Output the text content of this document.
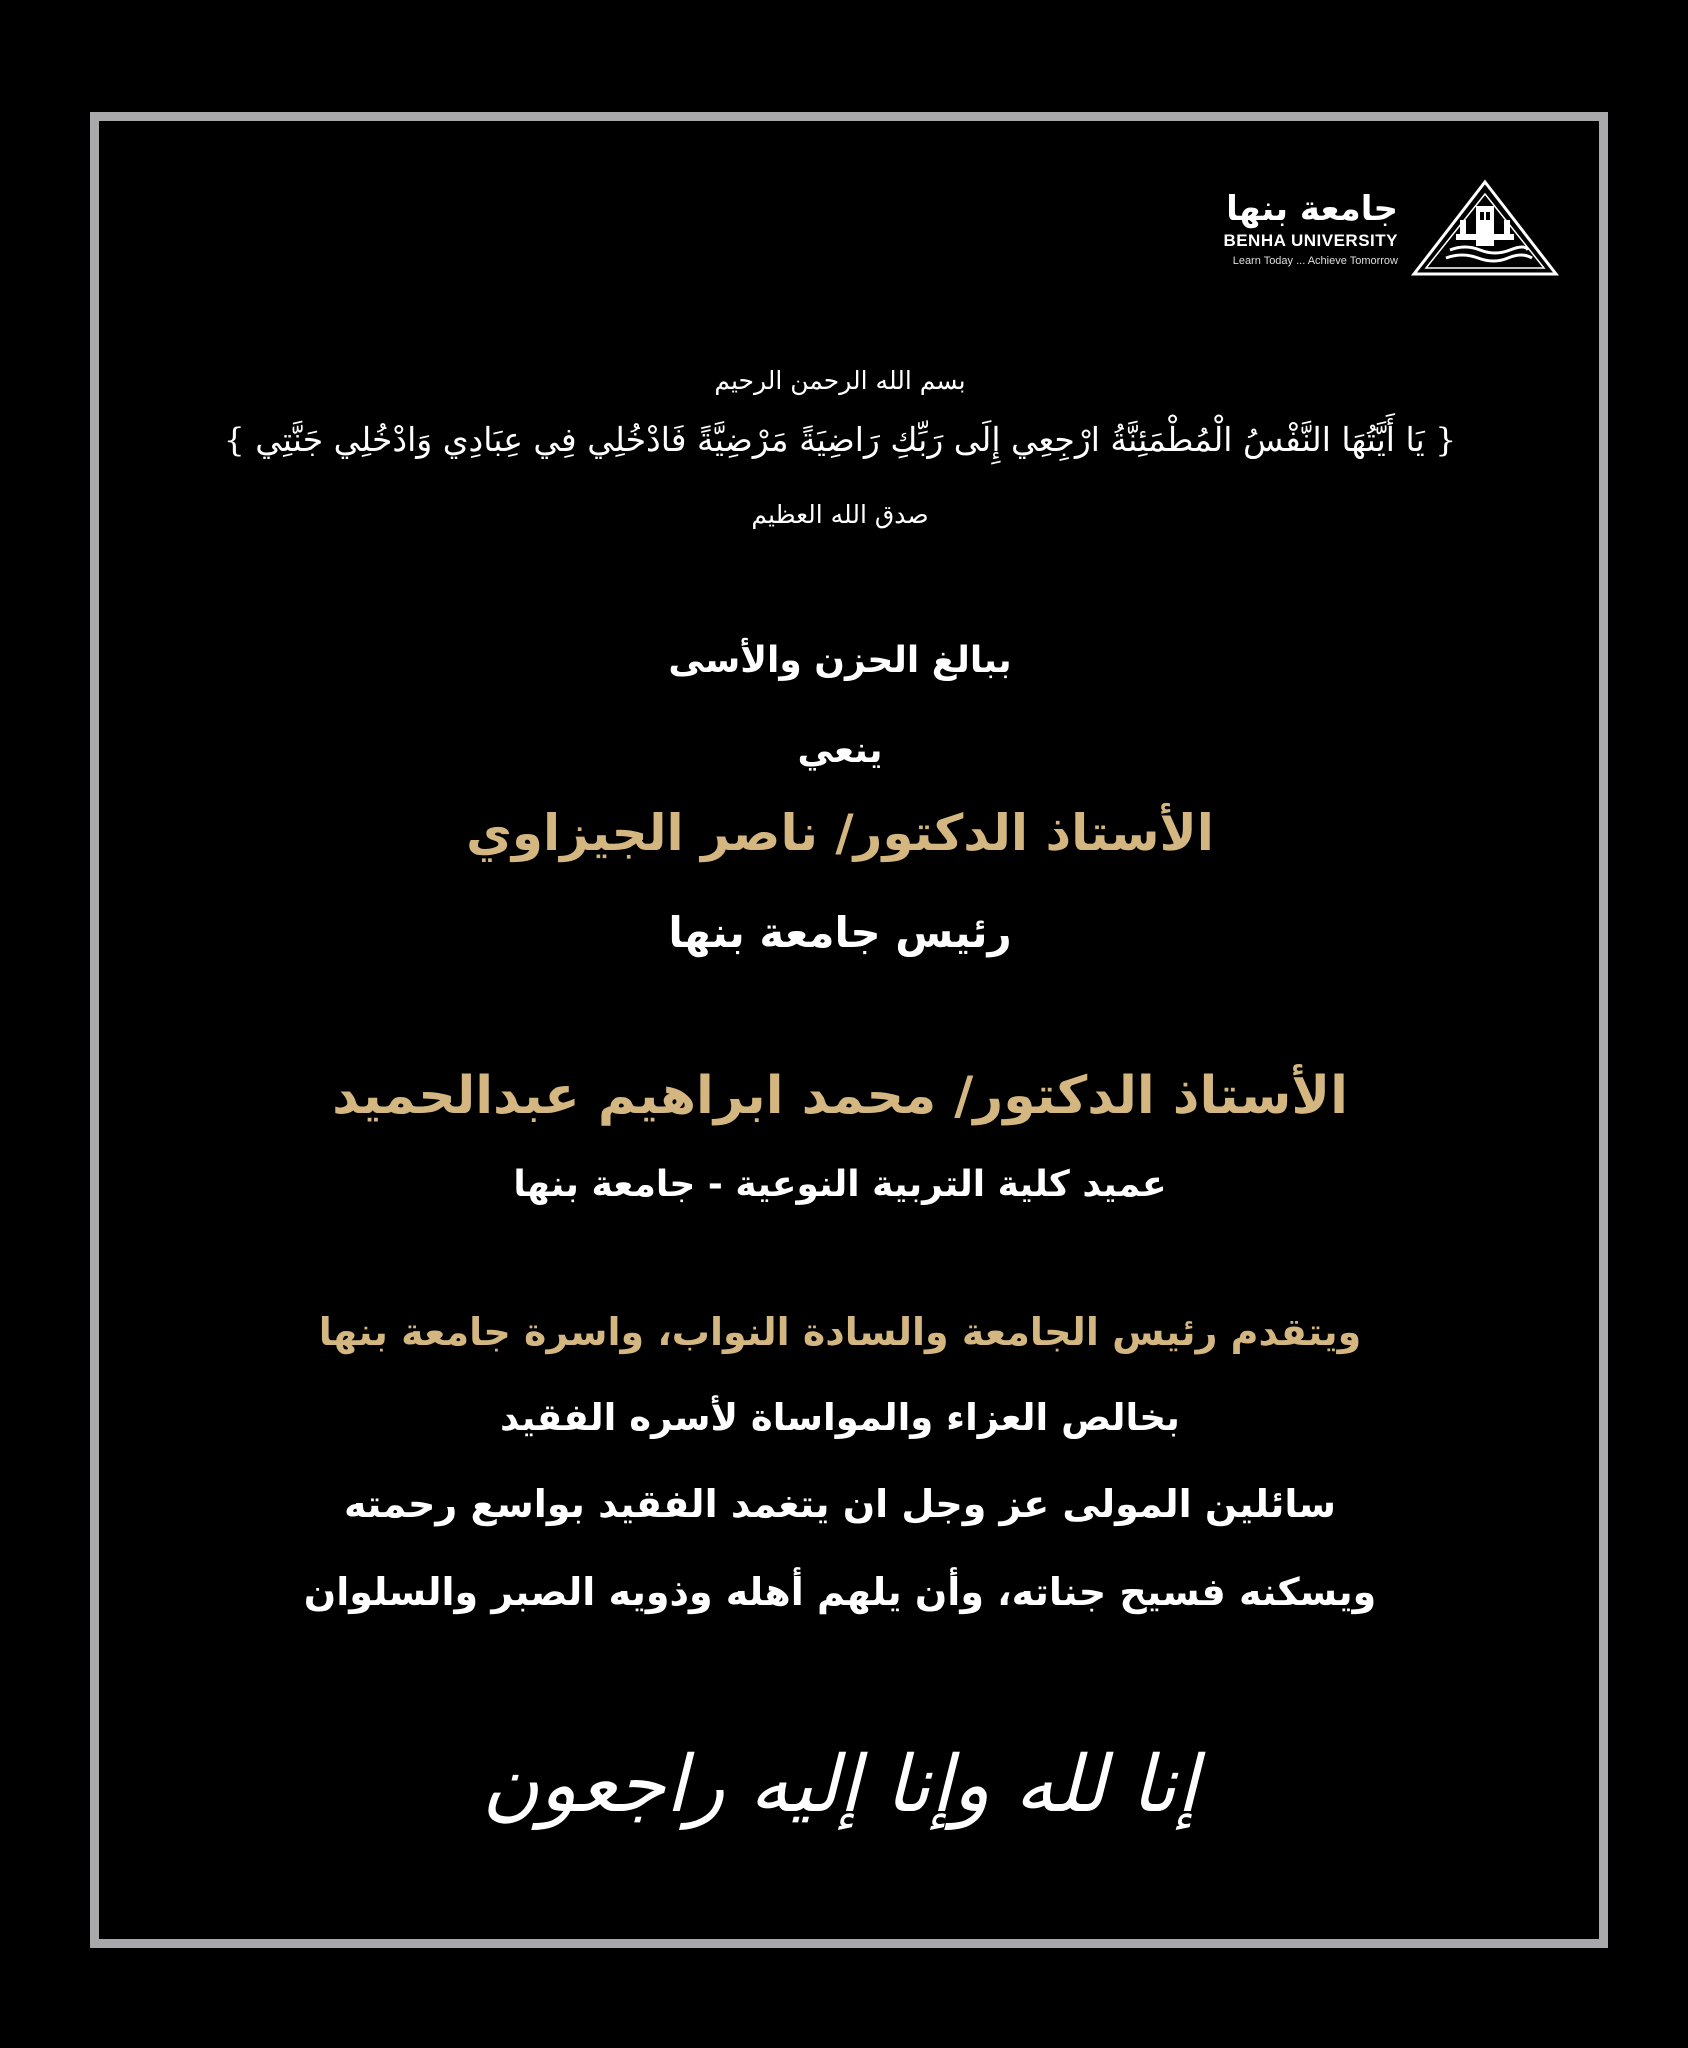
جامعة بنها
BENHA UNIVERSITY
Learn Today ... Achieve Tomorrow
بسم الله الرحمن الرحيم
{ يَا أَيَّتُهَا النَّفْسُ الْمُطْمَئِنَّةُ ارْجِعِي إِلَى رَبِّكِ رَاضِيَةً مَرْضِيَّةً فَادْخُلِي فِي عِبَادِي وَادْخُلِي جَنَّتِي }
صدق الله العظيم
ببالغ الحزن والأسى
ينعي
الأستاذ الدكتور/ ناصر الجيزاوي
رئيس جامعة بنها
الأستاذ الدكتور/ محمد ابراهيم عبدالحميد
عميد كلية التربية النوعية - جامعة بنها
ويتقدم رئيس الجامعة والسادة النواب، واسرة جامعة بنها
بخالص العزاء والمواساة لأسره الفقيد
سائلين المولى عز وجل ان يتغمد الفقيد بواسع رحمته
ويسكنه فسيح جناته، وأن يلهم أهله وذويه الصبر والسلوان
إنا لله وإنا إليه راجعون
